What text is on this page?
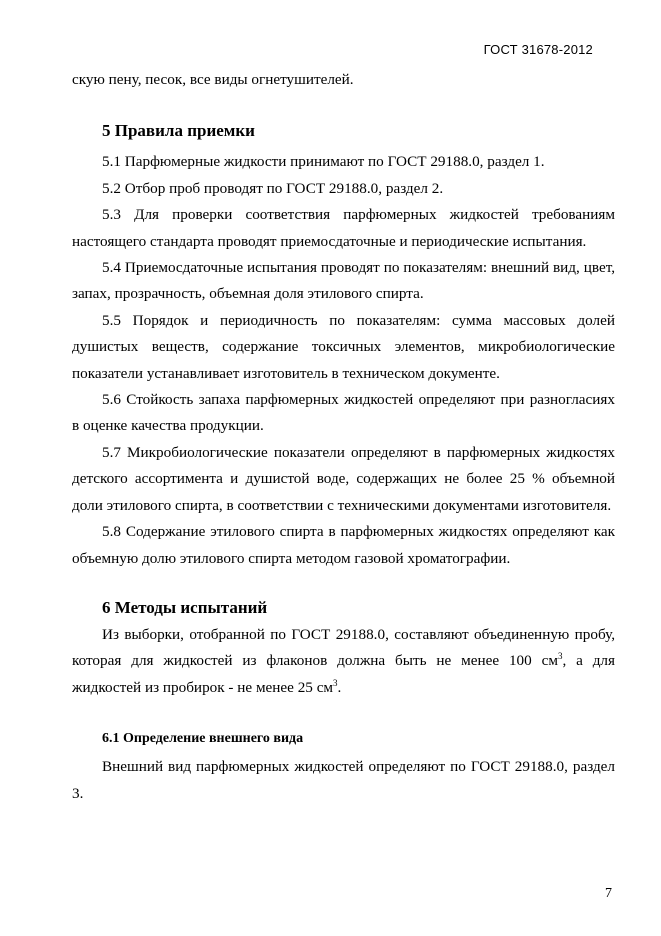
ГОСТ 31678-2012

скую пену, песок, все виды огнетушителей.

5 Правила приемки

5.1 Парфюмерные жидкости принимают по ГОСТ 29188.0, раздел 1.

5.2 Отбор проб проводят по ГОСТ 29188.0, раздел 2.

5.3 Для проверки соответствия парфюмерных жидкостей требованиям настоящего стандарта проводят приемосдаточные и периодические испытания.

5.4 Приемосдаточные испытания проводят по показателям: внешний вид, цвет, запах, прозрачность, объемная доля этилового спирта.

5.5 Порядок и периодичность по показателям: сумма массовых долей душистых веществ, содержание токсичных элементов, микробиологические показатели устанавливает изготовитель в техническом документе.

5.6 Стойкость запаха парфюмерных жидкостей определяют при разногласиях в оценке качества продукции.

5.7 Микробиологические показатели определяют в парфюмерных жидкостях детского ассортимента и душистой воде, содержащих не более 25 % объемной доли этилового спирта, в соответствии с техническими документами изготовителя.

5.8 Содержание этилового спирта в парфюмерных жидкостях определяют как объемную долю этилового спирта методом газовой хроматографии.

6 Методы испытаний

Из выборки, отобранной по ГОСТ 29188.0, составляют объединенную пробу, которая для жидкостей из флаконов должна быть не менее 100 $см^3$, а для жидкостей из пробирок - не менее 25 $см^3$.

6.1 Определение внешнего вида

Внешний вид парфюмерных жидкостей определяют по ГОСТ 29188.0, раздел 3.

7
